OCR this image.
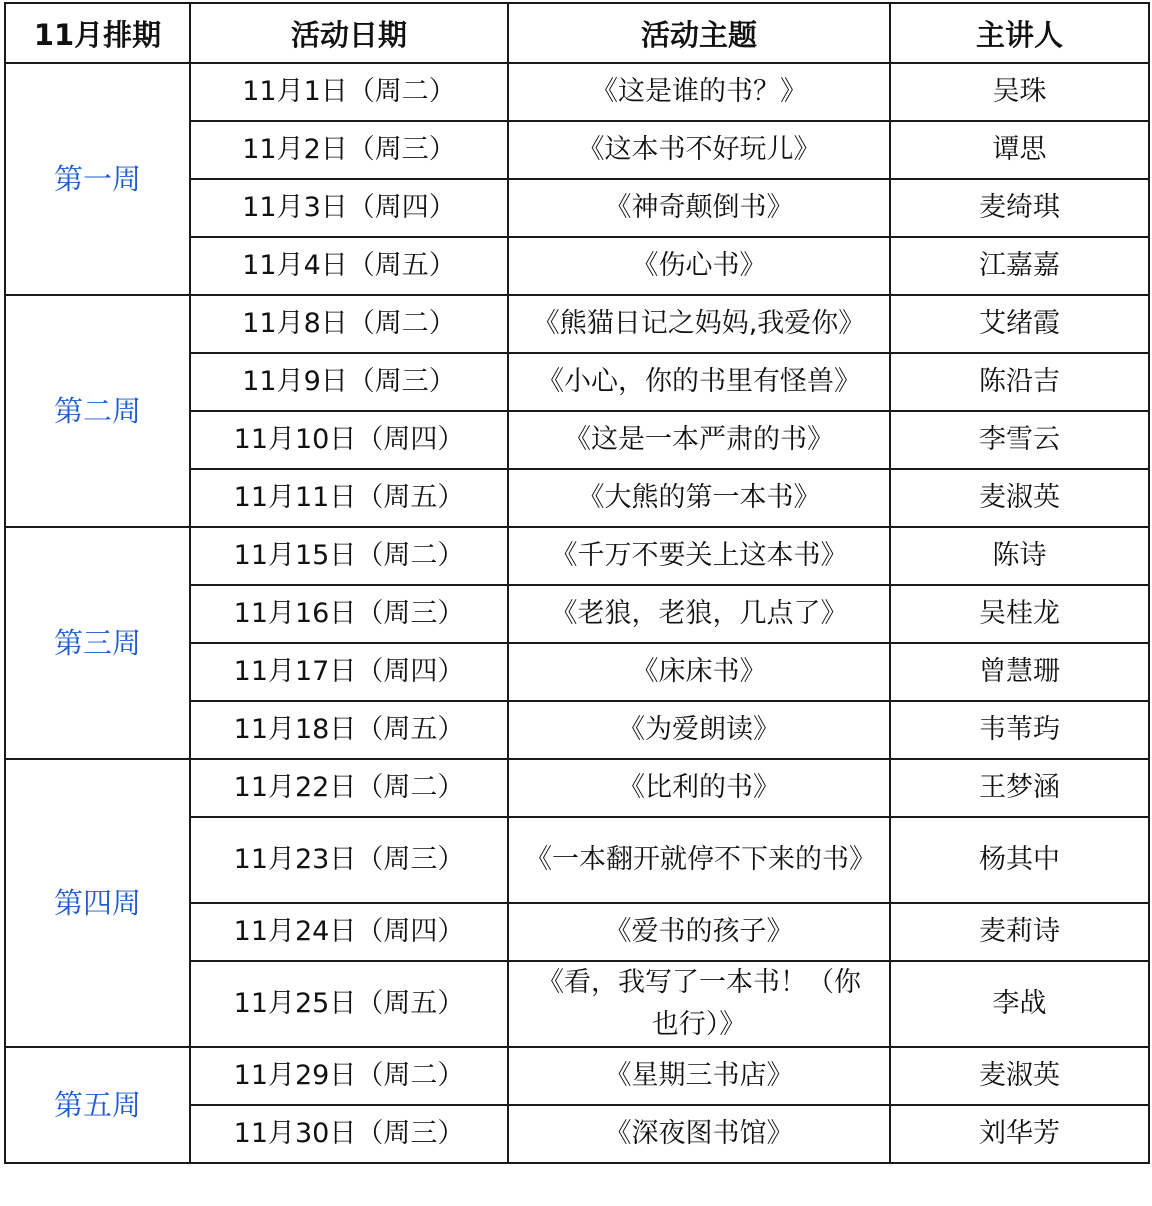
11月排期	活动日期	活动主题	主讲人
第一周	11月1日（周二）	《这是谁的书？》	吴珠
	11月2日（周三）	《这本书不好玩儿》	谭思
	11月3日（周四）	《神奇颠倒书》	麦绮琪
	11月4日（周五）	《伤心书》	江嘉嘉
第二周	11月8日（周二）	《熊猫日记之妈妈,我爱你》	艾绪霞
	11月9日（周三）	《小心，你的书里有怪兽》	陈沿吉
	11月10日（周四）	《这是一本严肃的书》	李雪云
	11月11日（周五）	《大熊的第一本书》	麦淑英
第三周	11月15日（周二）	《千万不要关上这本书》	陈诗
	11月16日（周三）	《老狼，老狼，几点了》	吴桂龙
	11月17日（周四）	《床床书》	曾慧珊
	11月18日（周五）	《为爱朗读》	韦苇玙
第四周	11月22日（周二）	《比利的书》	王梦涵
	11月23日（周三）	《一本翻开就停不下来的书》	杨其中
	11月24日（周四）	《爱书的孩子》	麦莉诗
	11月25日（周五）	《看，我写了一本书！（你也行）》	李战
第五周	11月29日（周二）	《星期三书店》	麦淑英
	11月30日（周三）	《深夜图书馆》	刘华芳
